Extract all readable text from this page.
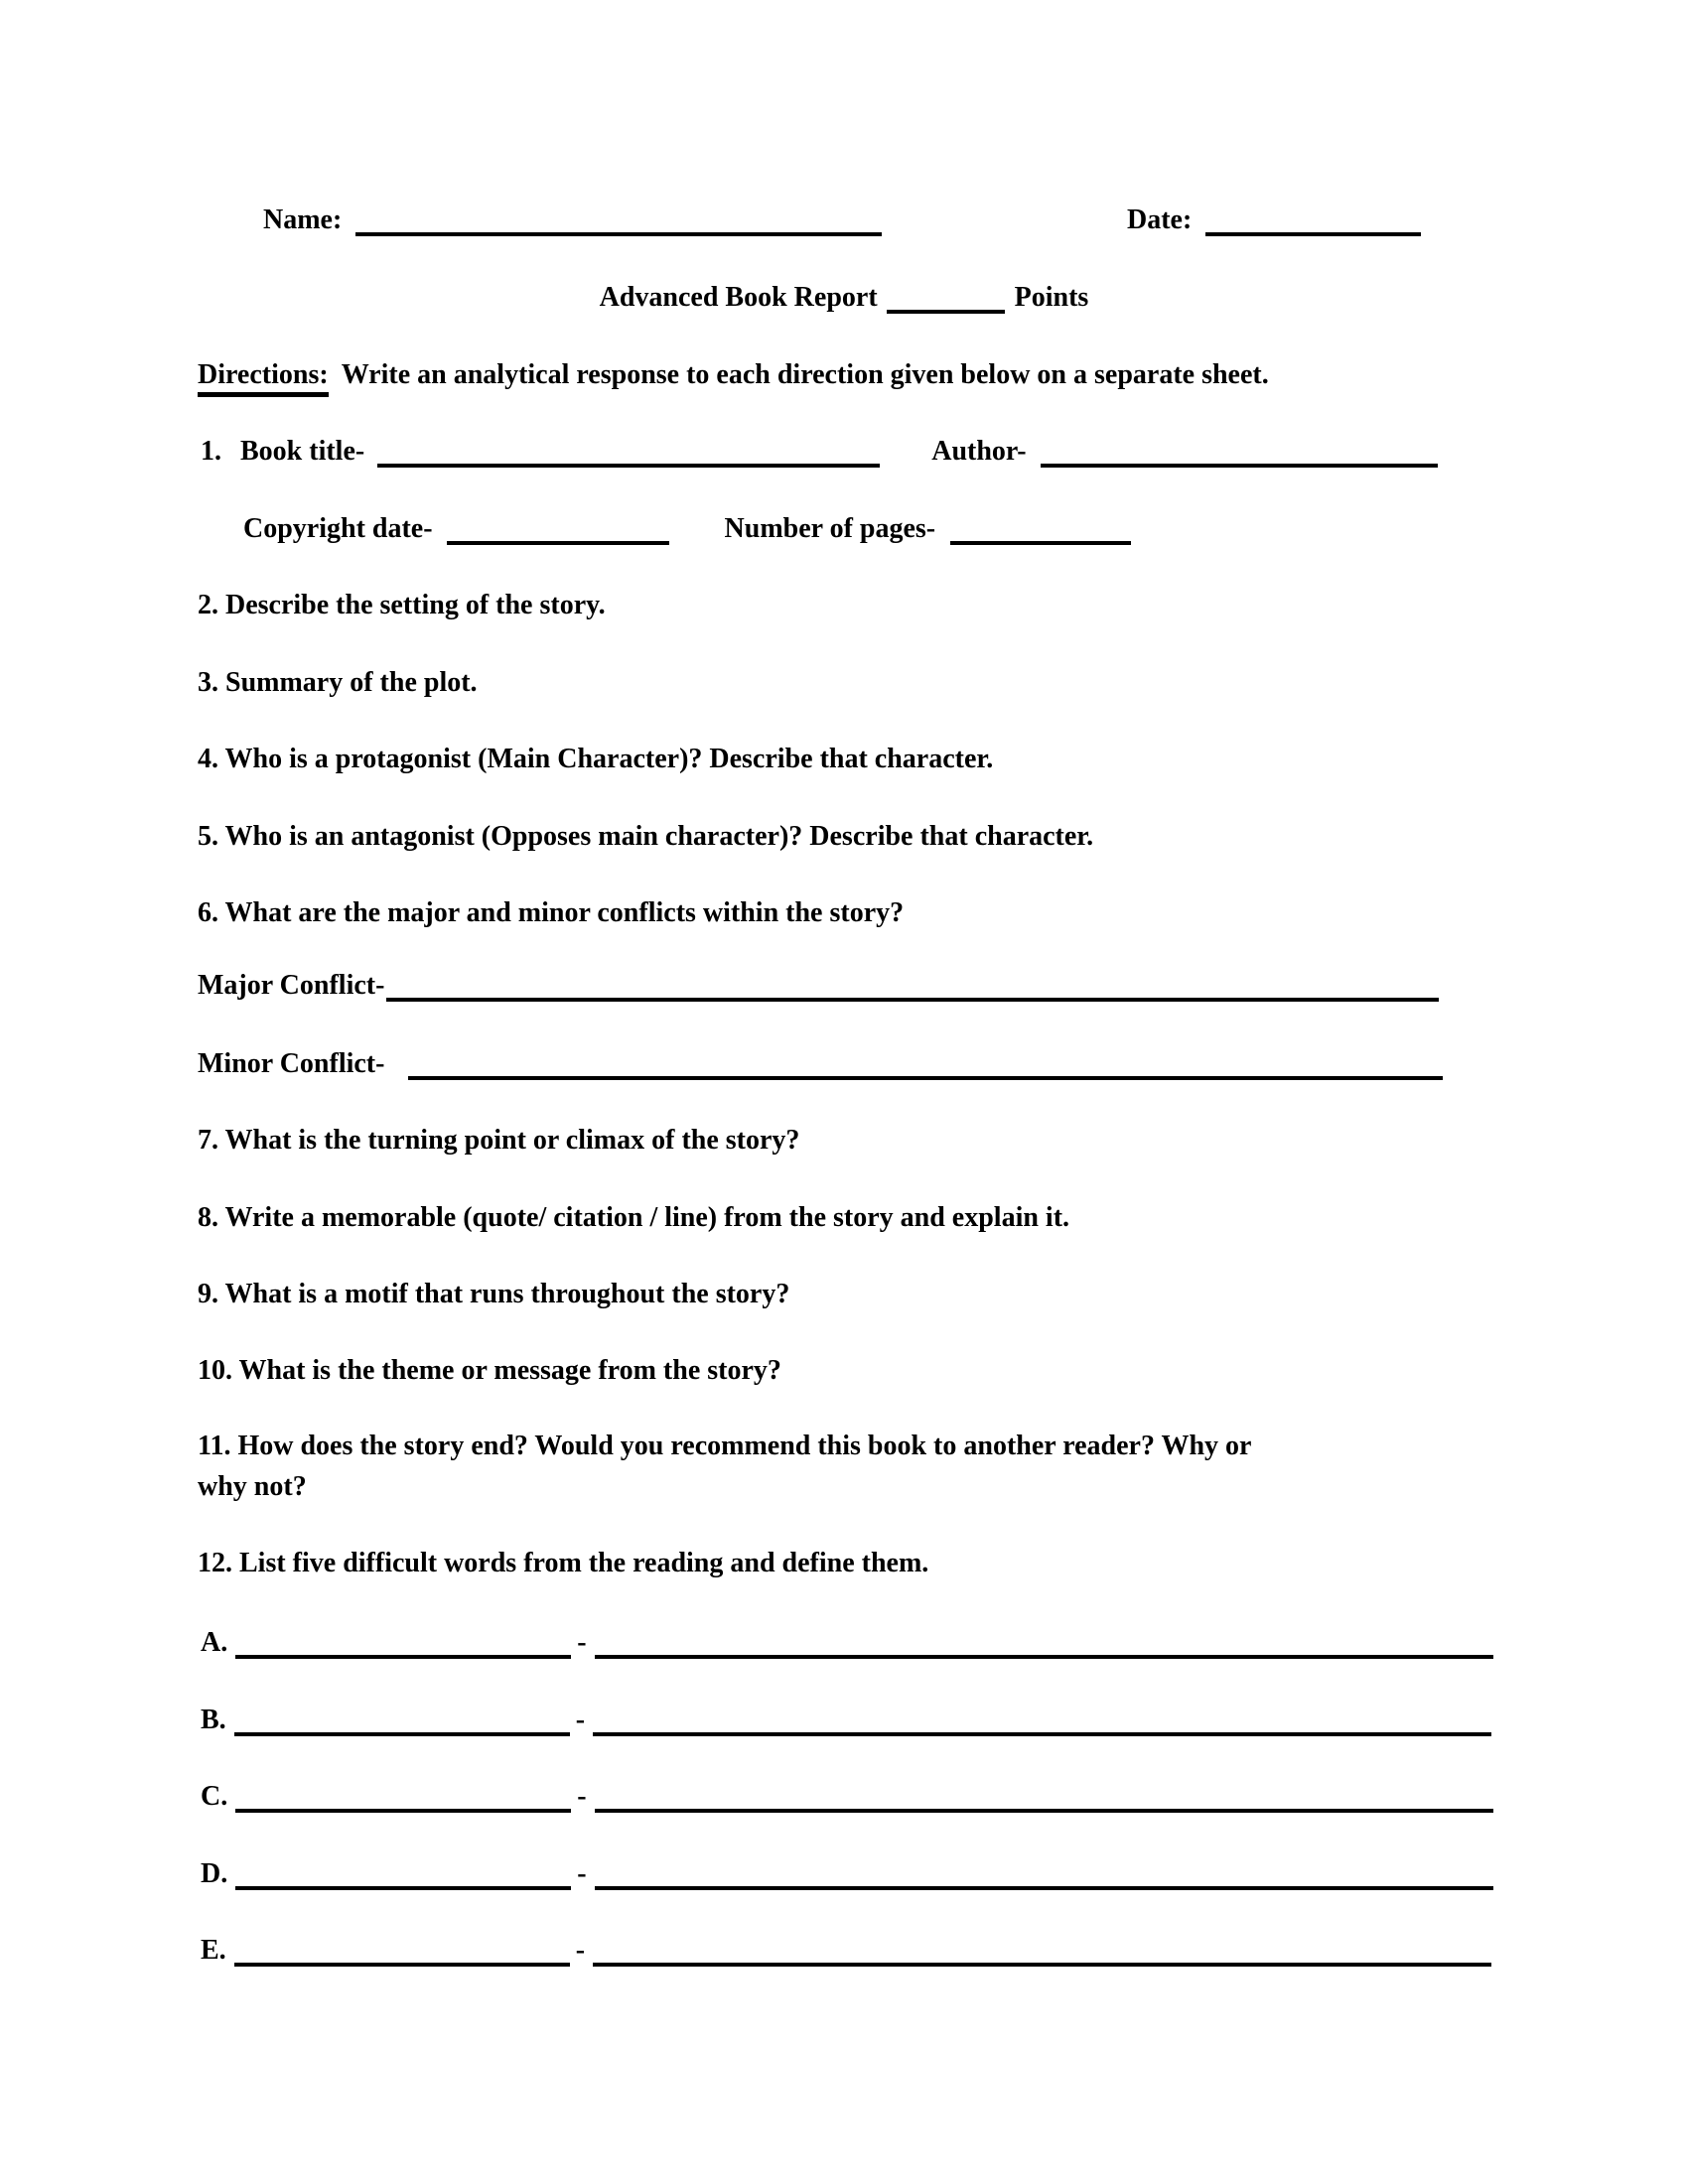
Name:	Date:
Advanced Book Report	Points
Directions: Write an analytical response to each direction given below on a separate sheet.
1. Book title-	Author-
Copyright date-	Number of pages-
2. Describe the setting of the story.
3. Summary of the plot.
4. Who is a protagonist (Main Character)? Describe that character.
5. Who is an antagonist (Opposes main character)? Describe that character.
6. What are the major and minor conflicts within the story?
Major Conflict-
Minor Conflict-
7. What is the turning point or climax of the story?
8. Write a memorable (quote/ citation / line) from the story and explain it.
9. What is a motif that runs throughout the story?
10. What is the theme or message from the story?
11. How does the story end? Would you recommend this book to another reader? Why or
why not?
12. List five difficult words from the reading and define them.
A.	-
B.	-
C.	-
D.	-
E.	-
